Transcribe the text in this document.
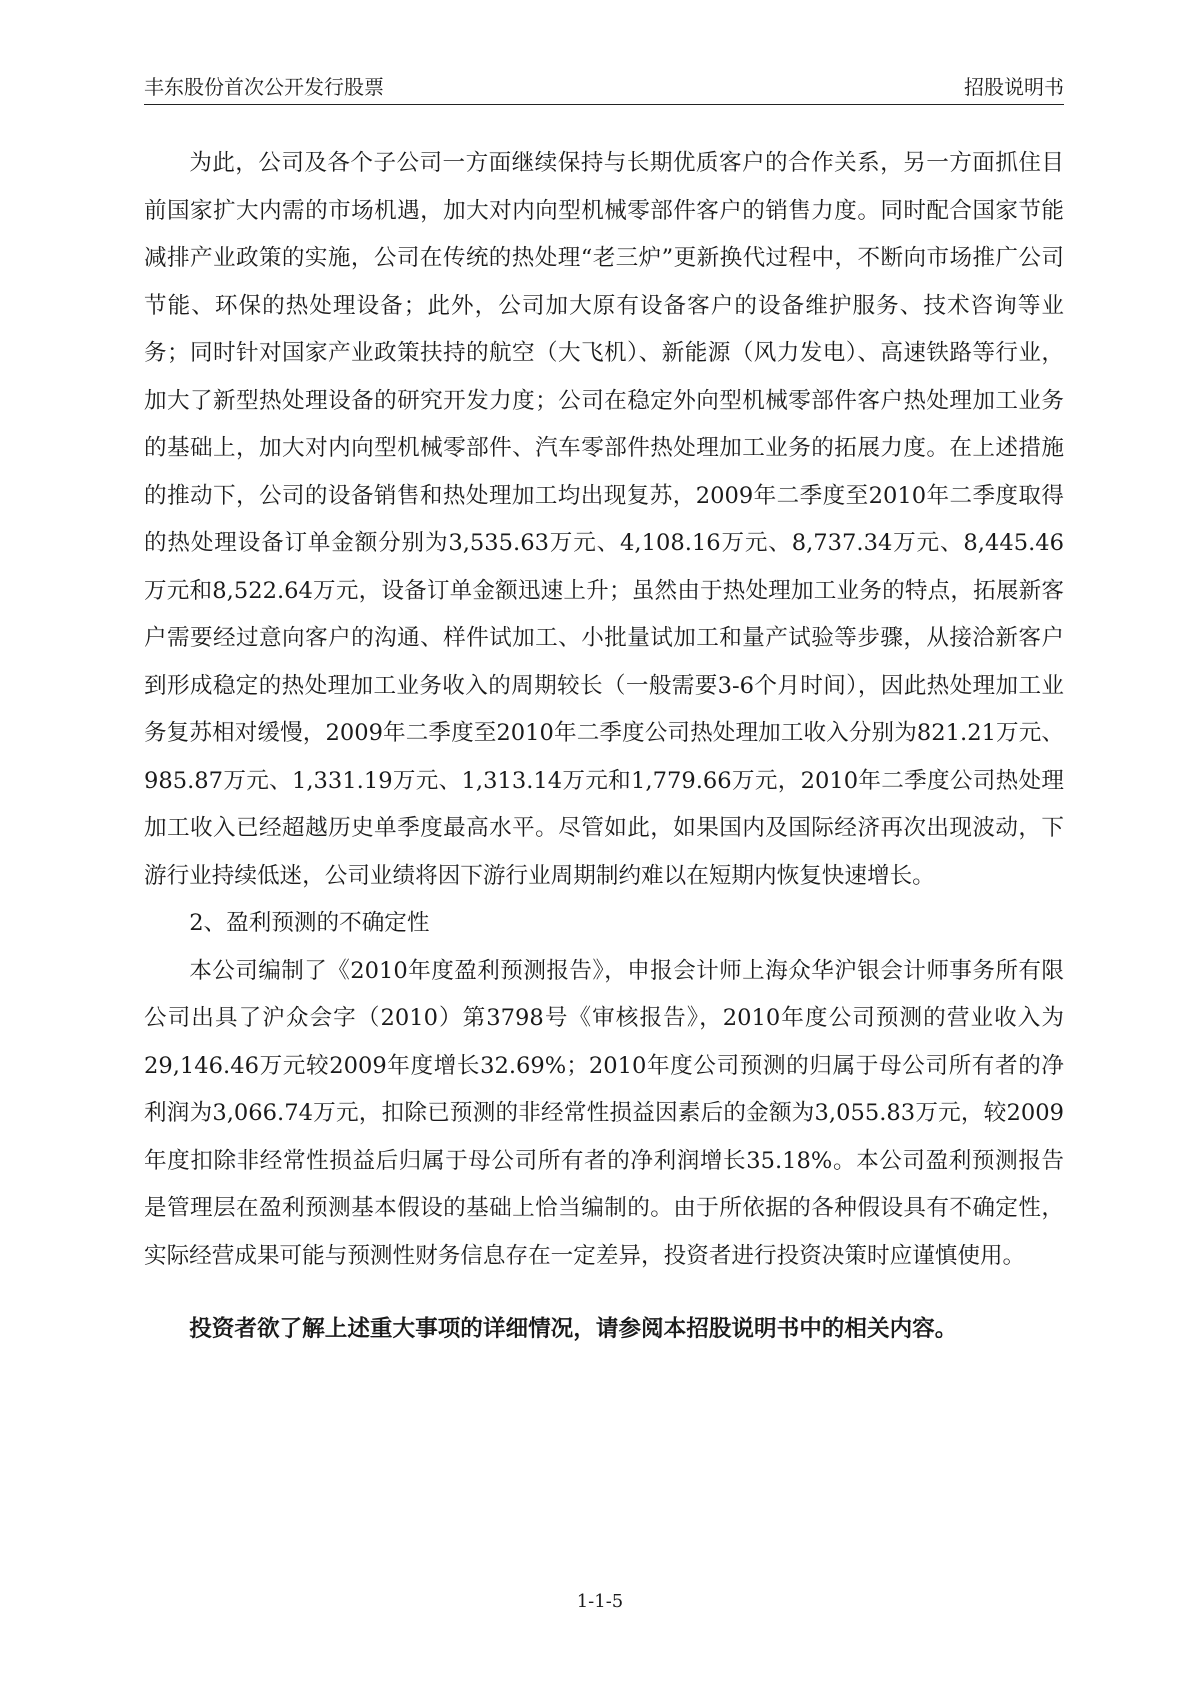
丰东股份首次公开发行股票	招股说明书

为此，公司及各个子公司一方面继续保持与长期优质客户的合作关系，另一方面抓住目前国家扩大内需的市场机遇，加大对内向型机械零部件客户的销售力度。同时配合国家节能减排产业政策的实施，公司在传统的热处理“老三炉”更新换代过程中，不断向市场推广公司节能、环保的热处理设备；此外，公司加大原有设备客户的设备维护服务、技术咨询等业务；同时针对国家产业政策扶持的航空（大飞机）、新能源（风力发电）、高速铁路等行业，加大了新型热处理设备的研究开发力度；公司在稳定外向型机械零部件客户热处理加工业务的基础上，加大对内向型机械零部件、汽车零部件热处理加工业务的拓展力度。在上述措施的推动下，公司的设备销售和热处理加工均出现复苏，2009年二季度至2010年二季度取得的热处理设备订单金额分别为3,535.63万元、4,108.16万元、8,737.34万元、8,445.46万元和8,522.64万元，设备订单金额迅速上升；虽然由于热处理加工业务的特点，拓展新客户需要经过意向客户的沟通、样件试加工、小批量试加工和量产试验等步骤，从接洽新客户到形成稳定的热处理加工业务收入的周期较长（一般需要3-6个月时间），因此热处理加工业务复苏相对缓慢，2009年二季度至2010年二季度公司热处理加工收入分别为821.21万元、985.87万元、1,331.19万元、1,313.14万元和1,779.66万元，2010年二季度公司热处理加工收入已经超越历史单季度最高水平。尽管如此，如果国内及国际经济再次出现波动，下游行业持续低迷，公司业绩将因下游行业周期制约难以在短期内恢复快速增长。

2、盈利预测的不确定性

本公司编制了《2010年度盈利预测报告》，申报会计师上海众华沪银会计师事务所有限公司出具了沪众会字（2010）第3798号《审核报告》，2010年度公司预测的营业收入为29,146.46万元较2009年度增长32.69%；2010年度公司预测的归属于母公司所有者的净利润为3,066.74万元，扣除已预测的非经常性损益因素后的金额为3,055.83万元，较2009年度扣除非经常性损益后归属于母公司所有者的净利润增长35.18%。本公司盈利预测报告是管理层在盈利预测基本假设的基础上恰当编制的。由于所依据的各种假设具有不确定性，实际经营成果可能与预测性财务信息存在一定差异，投资者进行投资决策时应谨慎使用。

投资者欲了解上述重大事项的详细情况，请参阅本招股说明书中的相关内容。

1-1-5
